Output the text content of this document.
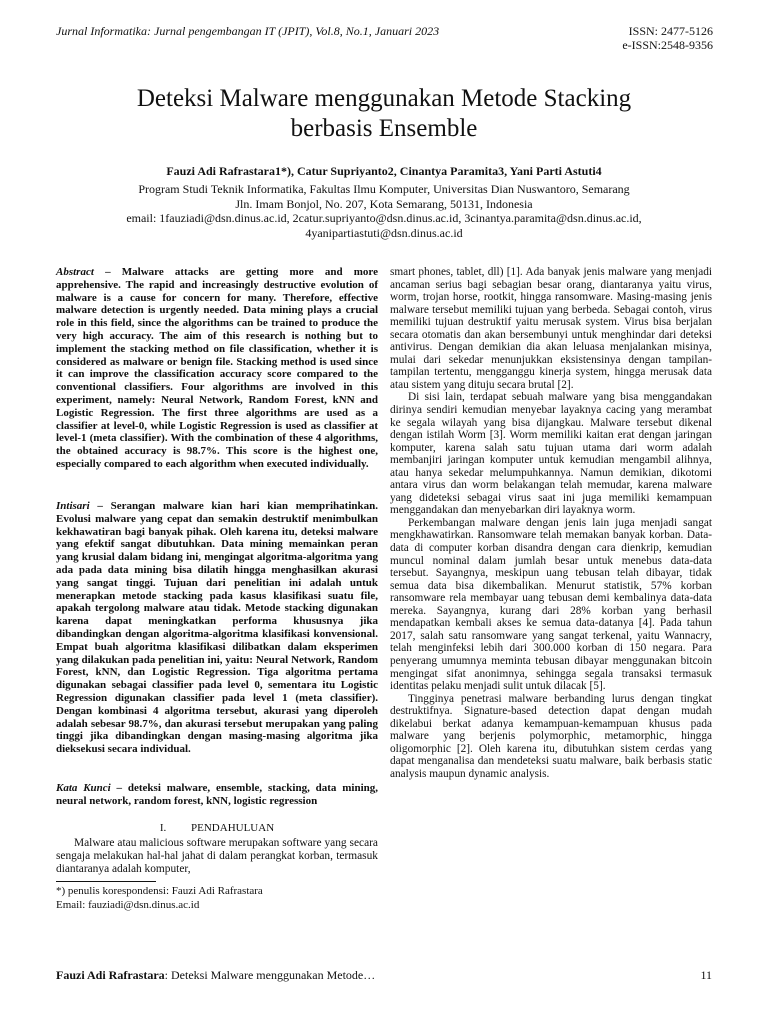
Jurnal Informatika: Jurnal pengembangan IT (JPIT), Vol.8, No.1, Januari 2023	ISSN: 2477-5126
e-ISSN:2548-9356
Deteksi Malware menggunakan Metode Stacking
berbasis Ensemble
Fauzi Adi Rafrastara1*), Catur Supriyanto2, Cinantya Paramita3, Yani Parti Astuti4
Program Studi Teknik Informatika, Fakultas Ilmu Komputer, Universitas Dian Nuswantoro, Semarang
Jln. Imam Bonjol, No. 207, Kota Semarang, 50131, Indonesia
email: 1fauziadi@dsn.dinus.ac.id, 2catur.supriyanto@dsn.dinus.ac.id, 3cinantya.paramita@dsn.dinus.ac.id,
4yanipartiastuti@dsn.dinus.ac.id
Abstract – Malware attacks are getting more and more apprehensive. The rapid and increasingly destructive evolution of malware is a cause for concern for many. Therefore, effective malware detection is urgently needed. Data mining plays a crucial role in this field, since the algorithms can be trained to produce the very high accuracy. The aim of this research is nothing but to implement the stacking method on file classification, whether it is considered as malware or benign file. Stacking method is used since it can improve the classification accuracy score compared to the conventional classifiers. Four algorithms are involved in this experiment, namely: Neural Network, Random Forest, kNN and Logistic Regression. The first three algorithms are used as a classifier at level-0, while Logistic Regression is used as classifier at level-1 (meta classifier). With the combination of these 4 algorithms, the obtained accuracy is 98.7%. This score is the highest one, especially compared to each algorithm when executed individually.
Intisari – Serangan malware kian hari kian memprihatinkan. Evolusi malware yang cepat dan semakin destruktif menimbulkan kekhawatiran bagi banyak pihak. Oleh karena itu, deteksi malware yang efektif sangat dibutuhkan. Data mining memainkan peran yang krusial dalam bidang ini, mengingat algoritma-algoritma yang ada pada data mining bisa dilatih hingga menghasilkan akurasi yang sangat tinggi. Tujuan dari penelitian ini adalah untuk menerapkan metode stacking pada kasus klasifikasi suatu file, apakah tergolong malware atau tidak. Metode stacking digunakan karena dapat meningkatkan performa khususnya jika dibandingkan dengan algoritma-algoritma klasifikasi konvensional. Empat buah algoritma klasifikasi dilibatkan dalam eksperimen yang dilakukan pada penelitian ini, yaitu: Neural Network, Random Forest, kNN, dan Logistic Regression. Tiga algoritma pertama digunakan sebagai classifier pada level 0, sementara itu Logistic Regression digunakan classifier pada level 1 (meta classifier). Dengan kombinasi 4 algoritma tersebut, akurasi yang diperoleh adalah sebesar 98.7%, dan akurasi tersebut merupakan yang paling tinggi jika dibandingkan dengan masing-masing algoritma jika dieksekusi secara individual.
Kata Kunci – deteksi malware, ensemble, stacking, data mining, neural network, random forest, kNN, logistic regression
I. PENDAHULUAN
Malware atau malicious software merupakan software yang secara sengaja melakukan hal-hal jahat di dalam perangkat korban, termasuk diantaranya adalah komputer,
*) penulis korespondensi: Fauzi Adi Rafrastara
Email: fauziadi@dsn.dinus.ac.id

smart phones, tablet, dll) [1]. Ada banyak jenis malware yang menjadi ancaman serius bagi sebagian besar orang, diantaranya yaitu virus, worm, trojan horse, rootkit, hingga ransomware. Masing-masing jenis malware tersebut memiliki tujuan yang berbeda. Sebagai contoh, virus memiliki tujuan destruktif yaitu merusak system. Virus bisa berjalan secara otomatis dan akan bersembunyi untuk menghindar dari deteksi antivirus. Dengan demikian dia akan leluasa menjalankan misinya, mulai dari sekedar menunjukkan eksistensinya dengan tampilan-tampilan tertentu, mengganggu kinerja system, hingga merusak data atau sistem yang dituju secara brutal [2].

Di sisi lain, terdapat sebuah malware yang bisa menggandakan dirinya sendiri kemudian menyebar layaknya cacing yang merambat ke segala wilayah yang bisa dijangkau. Malware tersebut dikenal dengan istilah Worm [3]. Worm memiliki kaitan erat dengan jaringan komputer, karena salah satu tujuan utama dari worm adalah membanjiri jaringan komputer untuk kemudian mengambil alihnya, atau hanya sekedar melumpuhkannya. Namun demikian, dikotomi antara virus dan worm belakangan telah memudar, karena malware yang dideteksi sebagai virus saat ini juga memiliki kemampuan menggandakan dan menyebarkan diri layaknya worm.

Perkembangan malware dengan jenis lain juga menjadi sangat mengkhawatirkan. Ransomware telah memakan banyak korban. Data-data di computer korban disandra dengan cara dienkrip, kemudian muncul nominal dalam jumlah besar untuk menebus data-data tersebut. Sayangnya, meskipun uang tebusan telah dibayar, tidak semua data bisa dikembalikan. Menurut statistik, 57% korban ransomware rela membayar uang tebusan demi kembalinya data-data mereka. Sayangnya, kurang dari 28% korban yang berhasil mendapatkan kembali akses ke semua data-datanya [4]. Pada tahun 2017, salah satu ransomware yang sangat terkenal, yaitu Wannacry, telah menginfeksi lebih dari 300.000 korban di 150 negara. Para penyerang umumnya meminta tebusan dibayar menggunakan bitcoin mengingat sifat anonimnya, sehingga segala transaksi termasuk identitas pelaku menjadi sulit untuk dilacak [5].

Tingginya penetrasi malware berbanding lurus dengan tingkat destruktifnya. Signature-based detection dapat dengan mudah dikelabui berkat adanya kemampuan-kemampuan khusus pada malware yang berjenis polymorphic, metamorphic, hingga oligomorphic [2]. Oleh karena itu, dibutuhkan sistem cerdas yang dapat menganalisa dan mendeteksi suatu malware, baik berbasis static analysis maupun dynamic analysis.

Fauzi Adi Rafrastara: Deteksi Malware menggunakan Metode…	11
